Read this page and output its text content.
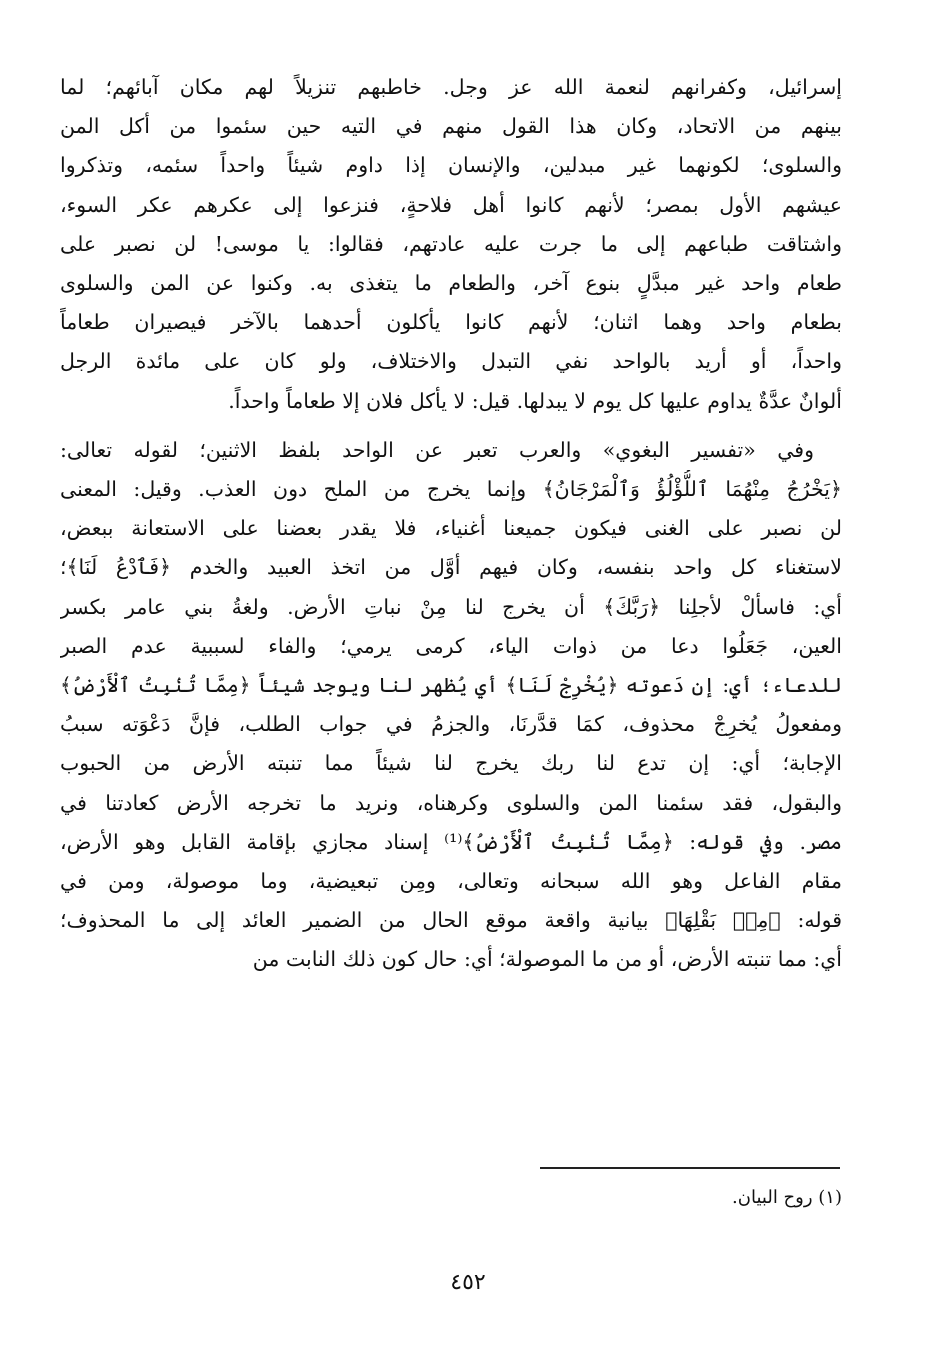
إسرائيل، وكفرانهم لنعمة الله عز وجل. خاطبهم تنزيلاً لهم مكان آبائهم؛ لما
بينهم من الاتحاد، وكان هذا القول منهم في التيه حين سئموا من أكل المن
والسلوى؛ لكونهما غير مبدلين، والإنسان إذا داوم شيئاً واحداً سئمه، وتذكروا
عيشهم الأول بمصر؛ لأنهم كانوا أهل فلاحةٍ، فنزعوا إلى عكرهم عكر السوء،
واشتاقت طباعهم إلى ما جرت عليه عادتهم، فقالوا: يا موسى! لن نصبر على
طعام واحد غير مبدَّلٍ بنوع آخر، والطعام ما يتغذى به. وكنوا عن المن والسلوى
بطعام واحد وهما اثنان؛ لأنهم كانوا يأكلون أحدهما بالآخر فيصيران طعاماً
واحداً، أو أريد بالواحد نفي التبدل والاختلاف، ولو كان على مائدة الرجل
ألوانٌ عدَّةٌ يداوم عليها كل يوم لا يبدلها. قيل: لا يأكل فلان إلا طعاماً واحداً.
وفي «تفسير البغوي» والعرب تعبر عن الواحد بلفظ الاثنين؛ لقوله تعالى:
﴿يَخْرُجُ مِنْهُمَا ٱللُّؤْلُؤُ وَٱلْمَرْجَانُ﴾ وإنما يخرج من الملح دون العذب. وقيل: المعنى
لن نصبر على الغنى فيكون جميعنا أغنياء، فلا يقدر بعضنا على الاستعانة ببعض،
لاستغناء كل واحد بنفسه، وكان فيهم أوَّل من اتخذ العبيد والخدم ﴿فَٱدْعُ لَنَا﴾؛
أي: فاسألْ لأجلِنا ﴿رَبَّكَ﴾ أن يخرج لنا مِنْ نباتِ الأرض. ولغةُ بني عامر بكسر
العين، جَعَلُوا دعا من ذوات الياء، كرمى يرمي؛ والفاء لسببية عدم الصبر
للدعاء؛ أي: إن دَعوته ﴿يُخْرِجْ لَنَا﴾ أي يُظهر لنا ويوجد شيئاً ﴿مِمَّا تُنۢبِتُ ٱلْأَرْضُ﴾
ومفعولُ يُخرِجْ محذوف، كمَا قدَّرنَا، والجزمُ في جواب الطلب، فإنَّ دَعْوَته سببُ
الإجابة؛ أي: إن تدع لنا ربك يخرج لنا شيئاً مما تنبته الأرض من الحبوب
والبقول، فقد سئمنا المن والسلوى وكرهناه، ونريد ما تخرجه الأرض كعادتنا في
مصر. وفي قوله: ﴿مِمَّا تُنۢبِتُ ٱلْأَرْضُ﴾⁽¹⁾ إسناد مجازي بإقامة القابل وهو الأرض،
مقام الفاعل وهو الله سبحانه وتعالى، ومِن تبعيضية، وما موصولة، ومن في
قوله: ﴿مِنۢ بَقْلِهَا﴾ بيانية واقعة موقع الحال من الضمير العائد إلى ما المحذوف؛
أي: مما تنبته الأرض، أو من ما الموصولة؛ أي: حال كون ذلك النابت من
(١) روح البيان.
٤٥٢
